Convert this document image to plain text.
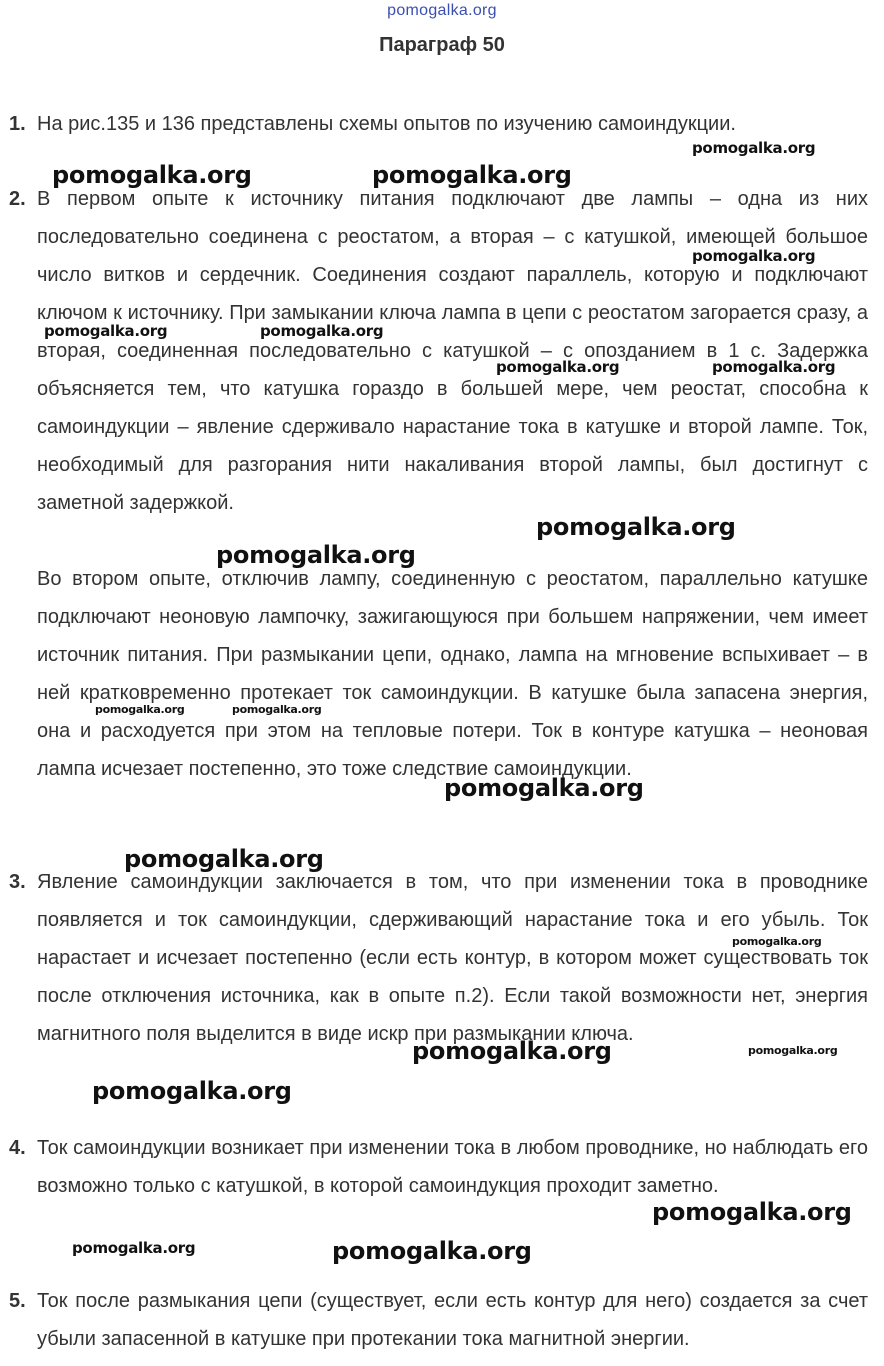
pomogalka.org
Параграф 50
1. На рис.135 и 136 представлены схемы опытов по изучению самоиндукции.

2. В первом опыте к источнику питания подключают две лампы – одна из них последовательно соединена с реостатом, а вторая – с катушкой, имеющей большое число витков и сердечник. Соединения создают параллель, которую и подключают ключом к источнику. При замыкании ключа лампа в цепи с реостатом загорается сразу, а вторая, соединенная последовательно с катушкой – с опозданием в 1 с. Задержка объясняется тем, что катушка гораздо в большей мере, чем реостат, способна к самоиндукции – явление сдерживало нарастание тока в катушке и второй лампе. Ток, необходимый для разгорания нити накаливания второй лампы, был достигнут с заметной задержкой.

Во втором опыте, отключив лампу, соединенную с реостатом, параллельно катушке подключают неоновую лампочку, зажигающуюся при большем напряжении, чем имеет источник питания. При размыкании цепи, однако, лампа на мгновение вспыхивает – в ней кратковременно протекает ток самоиндукции. В катушке была запасена энергия, она и расходуется при этом на тепловые потери. Ток в контуре катушка – неоновая лампа исчезает постепенно, это тоже следствие самоиндукции.

3. Явление самоиндукции заключается в том, что при изменении тока в проводнике появляется и ток самоиндукции, сдерживающий нарастание тока и его убыль. Ток нарастает и исчезает постепенно (если есть контур, в котором может существовать ток после отключения источника, как в опыте п.2). Если такой возможности нет, энергия магнитного поля выделится в виде искр при размыкании ключа.

4. Ток самоиндукции возникает при изменении тока в любом проводнике, но наблюдать его возможно только с катушкой, в которой самоиндукция проходит заметно.

5. Ток после размыкания цепи (существует, если есть контур для него) создается за счет убыли запасенной в катушке при протекании тока магнитной энергии.

pomogalka.org
pomogalka.org	pomogalka.org
pomogalka.org
pomogalka.org	pomogalka.org
pomogalka.org	pomogalka.org
pomogalka.org
pomogalka.org
pomogalka.org	pomogalka.org
pomogalka.org
pomogalka.org
pomogalka.org
pomogalka.org	pomogalka.org
pomogalka.org
pomogalka.org
pomogalka.org	pomogalka.org
